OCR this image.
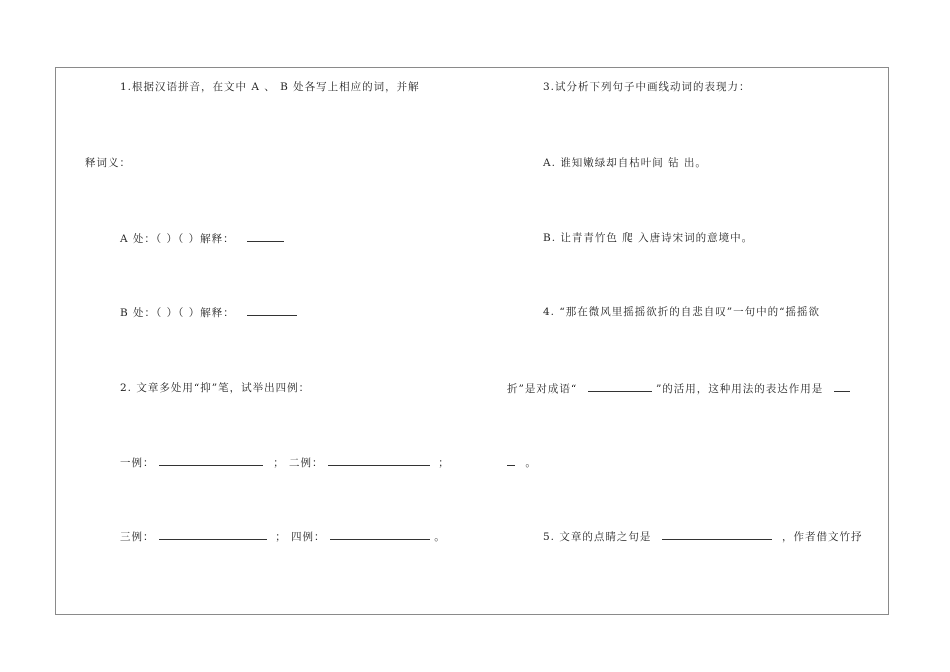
1.根据汉语拼音，在文中 A 、 B 处各写上相应的词，并解
释词义：
A 处：（ ）（ ）解释：
B 处：（ ）（ ）解释：
2. 文章多处用“抑”笔，试举出四例：
一例：	； 二例：	；
三例：	； 四例：	。
3.试分析下列句子中画线动词的表现力：
A. 谁知嫩绿却自枯叶间 钻 出。
B. 让青青竹色 爬 入唐诗宋词的意境中。
4. “那在微风里摇摇欲折的自悲自叹”一句中的“摇摇欲
折”是对成语“	”的活用，这种用法的表达作用是
。
5. 文章的点睛之句是	，作者借文竹抒
